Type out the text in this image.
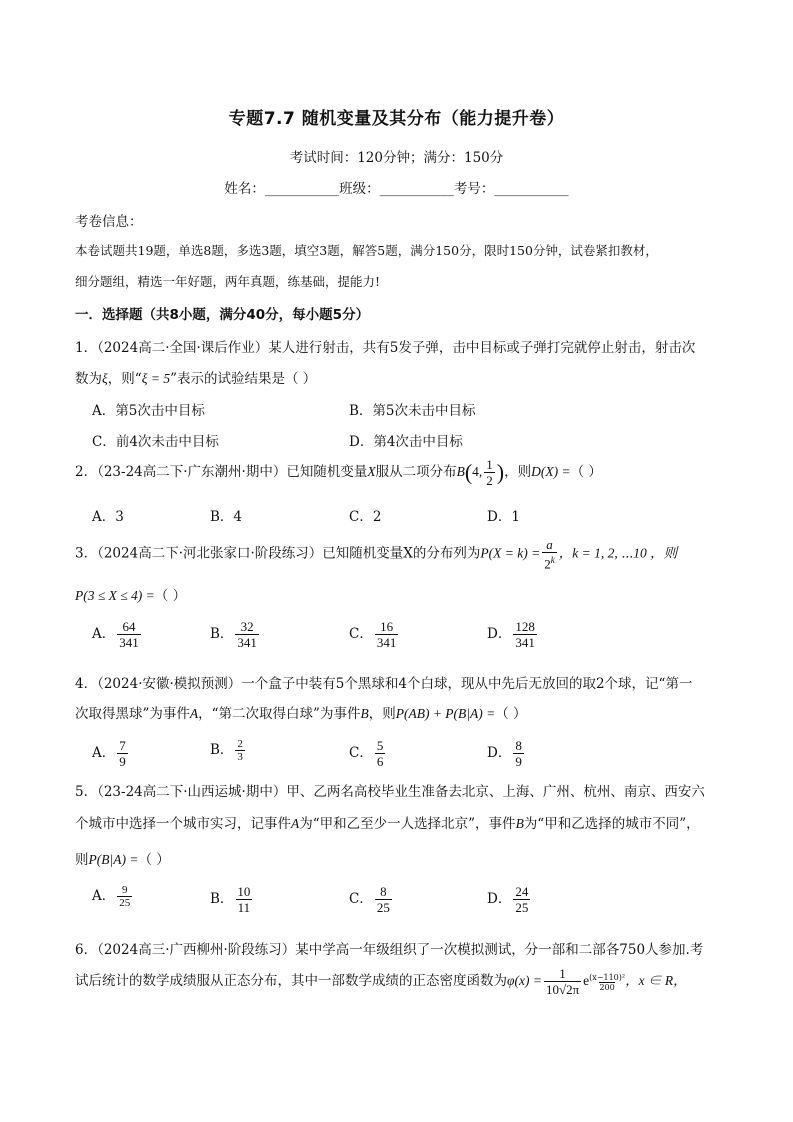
专题7.7 随机变量及其分布（能力提升卷）
考试时间：120分钟；满分：150分
姓名：___________班级：___________考号：___________
考卷信息：
本卷试题共19题，单选8题，多选3题，填空3题，解答5题，满分150分，限时150分钟，试卷紧扣教材，
细分题组，精选一年好题，两年真题，练基础，提能力!
一．选择题（共8小题，满分40分，每小题5分）
1．（2024高二·全国·课后作业）某人进行射击，共有5发子弹，击中目标或子弹打完就停止射击，射击次
数为ξ，则“ξ = 5”表示的试验结果是（ ）
A．第5次击中目标	B．第5次未击中目标
C．前4次未击中目标	D．第4次击中目标
2．（23-24高二下·广东潮州·期中）已知随机变量X服从二项分布B(4, $\frac{1}{2}$ )，则D(X) =（ ）
A．3	B．4	C．2	D．1
3．（2024高二下·河北张家口·阶段练习）已知随机变量X的分布列为$P(X = k) = \frac{a}{2^k}$ ，k = 1, 2, ⋯10 ，则
P(3 ≤ X ≤ 4) =（ ）
A． $\frac{64}{341}$	B． $\frac{32}{341}$	C． $\frac{16}{341}$	D． $\frac{128}{341}$
4．（2024·安徽·模拟预测）一个盒子中装有5个黑球和4个白球，现从中先后无放回的取2个球，记“第一
次取得黑球”为事件A，“第二次取得白球”为事件B，则P(AB) + P(B|A) =（ ）
A． $\frac{7}{9}$	B． $\frac{2}{3}$	C． $\frac{5}{6}$	D． $\frac{8}{9}$
5．（23-24高二下·山西运城·期中）甲、乙两名高校毕业生准备去北京、上海、广州、杭州、南京、西安六
个城市中选择一个城市实习，记事件A为“甲和乙至少一人选择北京”，事件B为“甲和乙选择的城市不同”，
则P(B|A) =（ ）
A． $\frac{9}{25}$	B． $\frac{10}{11}$	C． $\frac{8}{25}$	D． $\frac{24}{25}$
6．（2024高三·广西柳州·阶段练习）某中学高一年级组织了一次模拟测试，分一部和二部各750人参加.考
试后统计的数学成绩服从正态分布，其中一部数学成绩的正态密度函数为$\varphi(x) = \frac{1}{10√2\pi}$ e $\frac{\text{(x−110)²}}{200}$ ，x ∈ R，
